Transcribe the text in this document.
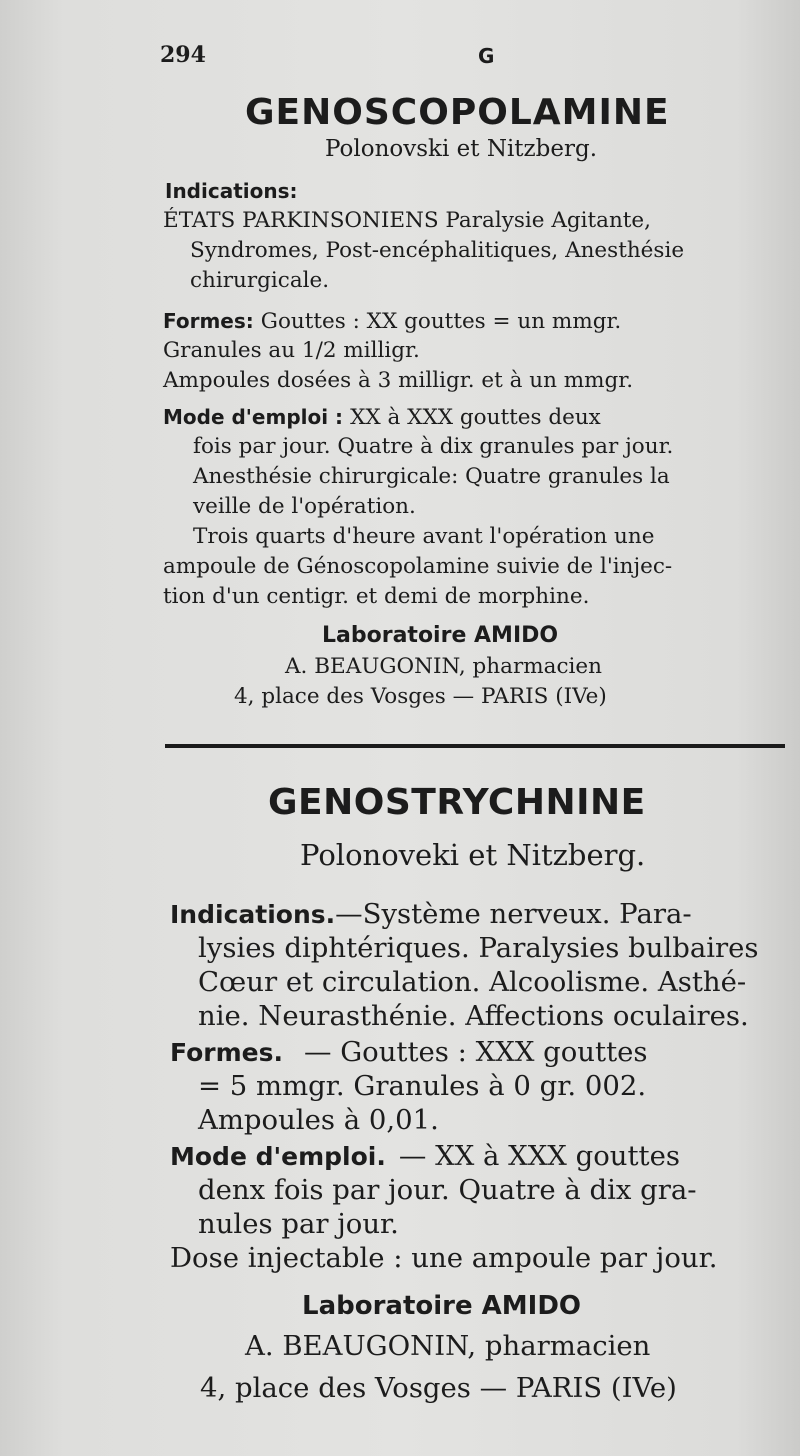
294	G
GENOSCOPOLAMINE
Polonovski et Nitzberg.
Indications:
ÉTATS PARKINSONIENS Paralysie Agitante,
Syndromes, Post-encéphalitiques, Anesthésie
chirurgicale.
Formes: Gouttes : XX gouttes = un mmgr.
Granules au 1/2 milligr.
Ampoules dosées à 3 milligr. et à un mmgr.
Mode d'emploi : XX à XXX gouttes deux
fois par jour. Quatre à dix granules par jour.
Anesthésie chirurgicale: Quatre granules la
veille de l'opération.
Trois quarts d'heure avant l'opération une
ampoule de Génoscopolamine suivie de l'injec-
tion d'un centigr. et demi de morphine.
Laboratoire AMIDO
A. BEAUGONIN, pharmacien
4, place des Vosges — PARIS (IVe)
GENOSTRYCHNINE
Polonoveki et Nitzberg.
Indications.—Système nerveux. Para-
lysies diphtériques. Paralysies bulbaires
Cœur et circulation. Alcoolisme. Asthé-
nie. Neurasthénie. Affections oculaires.
Formes. — Gouttes : XXX gouttes
= 5 mmgr. Granules à 0 gr. 002.
Ampoules à 0,01.
Mode d'emploi. — XX à XXX gouttes
denx fois par jour. Quatre à dix gra-
nules par jour.
Dose injectable : une ampoule par jour.
Laboratoire AMIDO
A. BEAUGONIN, pharmacien
4, place des Vosges — PARIS (IVe)
